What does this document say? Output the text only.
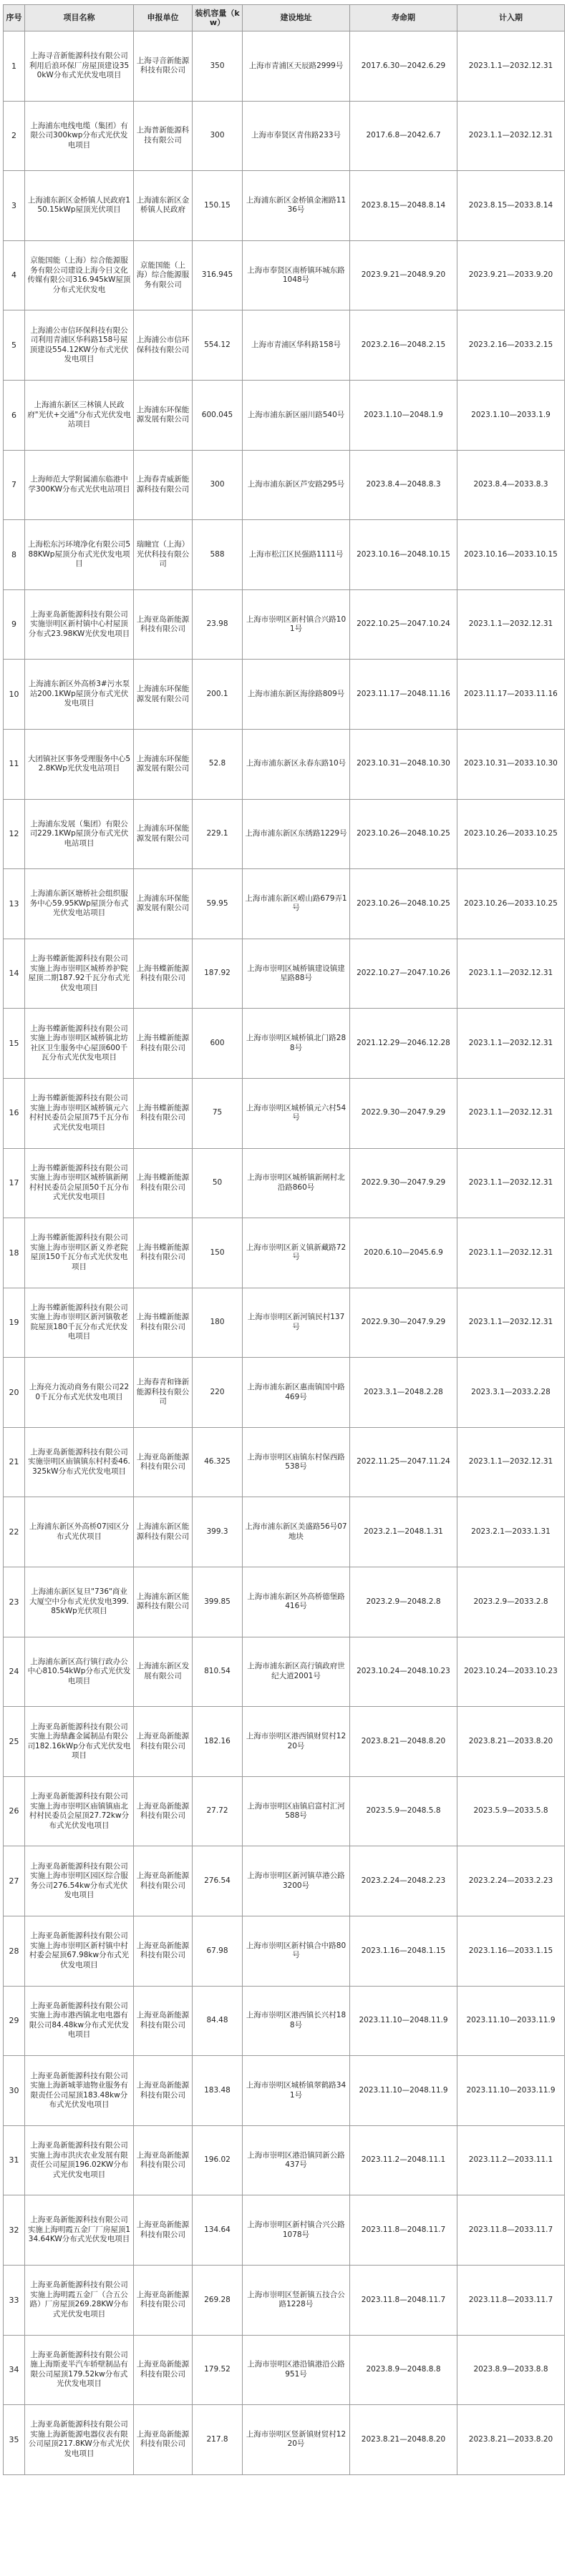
序号	项目名称	申报单位	装机容量（kw）	建设地址	寿命期	计入期
1	上海寻音新能源科技有限公司利用后浪环保厂房屋顶建设350kW分布式光伏发电项目	上海寻音新能源科技有限公司	350	上海市青浦区天辰路2999号	2017.6.30—2042.6.29	2023.1.1—2032.12.31
2	上海浦东电线电缆（集团）有限公司300kwp分布式光伏发电项目	上海普新能源科技有限公司	300	上海市奉贤区青伟路233号	2017.6.8—2042.6.7	2023.1.1—2032.12.31
3	上海浦东新区金桥镇人民政府150.15kWp屋顶光伏项目	上海浦东新区金桥镇人民政府	150.15	上海浦东新区金桥镇金湘路1136号	2023.8.15—2048.8.14	2023.8.15—2033.8.14
4	京能国能（上海）综合能源服务有限公司建设上海今日文化传媒有限公司316.945kW屋顶分布式光伏发电	京能国能（上海）综合能源服务有限公司	316.945	上海市奉贤区南桥镇环城东路1048号	2023.9.21—2048.9.20	2023.9.21—2033.9.20
5	上海浦公市信环保科技有限公司利用青浦区华科路158号屋顶建设554.12KW分布式光伏发电项目	上海浦公市信环保科技有限公司	554.12	上海市青浦区华科路158号	2023.2.16—2048.2.15	2023.2.16—2033.2.15
6	上海浦东新区三林镇人民政府"光伏+交通"分布式光伏发电站项目	上海浦东环保能源发展有限公司	600.045	上海市浦东新区丽川路540号	2023.1.10—2048.1.9	2023.1.10—2033.1.9
7	上海师范大学附属浦东临港中学300KW分布式光伏电站项目	上海春青威新能源科技有限公司	300	上海市浦东新区芦安路295号	2023.8.4—2048.8.3	2023.8.4—2033.8.3
8	上海松东污环境净化有限公司588KWp屋顶分布式光伏发电项目	瑞瞳宜（上海）光伏科技有限公司	588	上海市松江区民强路1111号	2023.10.16—2048.10.15	2023.10.16—2033.10.15
9	上海亚岛新能源科技有限公司实施崇明区新村镇中心村屋顶分布式23.98KW光伏发电项目	上海亚岛新能源科技有限公司	23.98	上海市崇明区新村镇合兴路101号	2022.10.25—2047.10.24	2023.1.1—2032.12.31
10	上海浦东新区外高桥3#污水泵站200.1KWp屋顶分布式光伏发电项目	上海浦东环保能源发展有限公司	200.1	上海市浦东新区海徐路809号	2023.11.17—2048.11.16	2023.11.17—2033.11.16
11	大团镇社区事务受理服务中心52.8KWp光伏发电站项目	上海浦东环保能源发展有限公司	52.8	上海市浦东新区永春东路10号	2023.10.31—2048.10.30	2023.10.31—2033.10.30
12	上海浦东发展（集团）有限公司229.1KWp屋顶分布式光伏电站项目	上海浦东环保能源发展有限公司	229.1	上海市浦东新区东绣路1229号	2023.10.26—2048.10.25	2023.10.26—2033.10.25
13	上海浦东新区塘桥社会组织服务中心59.95KWp屋顶分布式光伏发电站项目	上海浦东环保能源发展有限公司	59.95	上海市浦东新区崂山路679弄1号	2023.10.26—2048.10.25	2023.10.26—2033.10.25
14	上海书蝶新能源科技有限公司实施上海市崇明区城桥养护院屋顶二期187.92千瓦分布式光伏发电项目	上海书蝶新能源科技有限公司	187.92	上海市崇明区城桥镇建设镇建星路88号	2022.10.27—2047.10.26	2023.1.1—2032.12.31
15	上海书蝶新能源科技有限公司实施上海市崇明区城桥镇北坊社区卫生服务中心屋顶600千瓦分布式光伏发电项目	上海书蝶新能源科技有限公司	600	上海市崇明区城桥镇北门路288号	2021.12.29—2046.12.28	2023.1.1—2032.12.31
16	上海书蝶新能源科技有限公司实施上海市崇明区城桥镇元六村村民委员会屋顶75千瓦分布式光伏发电项目	上海书蝶新能源科技有限公司	75	上海市崇明区城桥镇元六村54号	2022.9.30—2047.9.29	2023.1.1—2032.12.31
17	上海书蝶新能源科技有限公司实施上海市崇明区城桥镇新闸村村民委员会屋顶50千瓦分布式光伏发电项目	上海书蝶新能源科技有限公司	50	上海市崇明区城桥镇新闸村北沿路860号	2022.9.30—2047.9.29	2023.1.1—2032.12.31
18	上海书蝶新能源科技有限公司实施上海市崇明区新义养老院屋顶150千瓦分布式光伏发电项目	上海书蝶新能源科技有限公司	150	上海市崇明区新义镇新藏路72号	2020.6.10—2045.6.9	2023.1.1—2032.12.31
19	上海书蝶新能源科技有限公司实施上海市崇明区新河镇敬老院屋顶180千瓦分布式光伏发电项目	上海书蝶新能源科技有限公司	180	上海市崇明区新河镇民村137号	2022.9.30—2047.9.29	2023.1.1—2032.12.31
20	上海亮力流动商务有限公司220千瓦分布式光伏发电项目	上海春青和锋新能源科技有限公司	220	上海市浦东新区惠南镇国中路469号	2023.3.1—2048.2.28	2023.3.1—2033.2.28
21	上海亚岛新能源科技有限公司实施崇明区庙镇镇东村村委46.325kW分布式光伏发电项目	上海亚岛新能源科技有限公司	46.325	上海市崇明区庙镇东村保西路538号	2022.11.25—2047.11.24	2023.1.1—2032.12.31
22	上海浦东新区外高桥07园区分布式光伏项目	上海浦东新区能源科技有限公司	399.3	上海市浦东新区美盛路56号07地块	2023.2.1—2048.1.31	2023.2.1—2033.1.31
23	上海浦东新区复旦"736"商业大厦空中分布式光伏发电399.85kWp光伏项目	上海浦东新区能源科技有限公司	399.85	上海市浦东新区外高桥德堡路416号	2023.2.9—2048.2.8	2023.2.9—2033.2.8
24	上海浦东新区高行镇行政办公中心810.54kWp分布式光伏发电项目	上海浦东新区发展有限公司	810.54	上海市浦东新区高行镇政府世纪大道2001号	2023.10.24—2048.10.23	2023.10.24—2033.10.23
25	上海亚岛新能源科技有限公司实施上海鼎鑫金属制品有限公司182.16kWp分布式光伏发电项目	上海亚岛新能源科技有限公司	182.16	上海市崇明区港西镇财贸村1220号	2023.8.21—2048.8.20	2023.8.21—2033.8.20
26	上海亚岛新能源科技有限公司实施上海市崇明区庙镇镇庙北村村民委员会屋顶27.72kw分布式光伏发电项目	上海亚岛新能源科技有限公司	27.72	上海市崇明区庙镇启富村汇河588号	2023.5.9—2048.5.8	2023.5.9—2033.5.8
27	上海亚岛新能源科技有限公司实施上海市崇明区园区综合服务公司276.54kw分布式光伏发电项目	上海亚岛新能源科技有限公司	276.54	上海市崇明区新河镇草港公路3200号	2023.2.24—2048.2.23	2023.2.24—2033.2.23
28	上海亚岛新能源科技有限公司实施上海市崇明区新村镇中村村委会屋顶67.98kw分布式光伏发电项目	上海亚岛新能源科技有限公司	67.98	上海市崇明区新村镇合中路80号	2023.1.16—2048.1.15	2023.1.16—2033.1.15
29	上海亚岛新能源科技有限公司实施上海市港西镇北电电器有限公司84.48kw分布式光伏发电项目	上海亚岛新能源科技有限公司	84.48	上海市崇明区港西镇长兴村188号	2023.11.10—2048.11.9	2023.11.10—2033.11.9
30	上海亚岛新能源科技有限公司实施上海新城菲迪物业服务有限责任公司屋顶183.48kw分布式光伏发电项目	上海亚岛新能源科技有限公司	183.48	上海市崇明区城桥镇翠鹤路341号	2023.11.10—2048.11.9	2023.11.10—2033.11.9
31	上海亚岛新能源科技有限公司实施上海市洪庆农业发展有限责任公司屋顶196.02KW分布式光伏发电项目	上海亚岛新能源科技有限公司	196.02	上海市崇明区港沿镇同新公路437号	2023.11.2—2048.11.1	2023.11.2—2033.11.1
32	上海亚岛新能源科技有限公司实施上海明霞五金厂厂房屋顶134.64KW分布式光伏发电项目	上海亚岛新能源科技有限公司	134.64	上海市崇明区新村镇合兴公路1078号	2023.11.8—2048.11.7	2023.11.8—2033.11.7
33	上海亚岛新能源科技有限公司实施上海明霞五金厂（合五公路）厂房屋顶269.28KW分布式光伏发电项目	上海亚岛新能源科技有限公司	269.28	上海市崇明区竖新镇五技合公路1228号	2023.11.8—2048.11.7	2023.11.8—2033.11.7
34	上海亚岛新能源科技有限公司施上海斯麦半汽车轿壁制品有限公司屋顶179.52kw分布式光伏发电项目	上海亚岛新能源科技有限公司	179.52	上海市崇明区港沿镇港沿公路951号	2023.8.9—2048.8.8	2023.8.9—2033.8.8
35	上海亚岛新能源科技有限公司实施上海新能源电器仪表有限公司屋顶217.8KW分布式光伏发电项目	上海亚岛新能源科技有限公司	217.8	上海市崇明区竖新镇财贸村1220号	2023.8.21—2048.8.20	2023.8.21—2033.8.20
